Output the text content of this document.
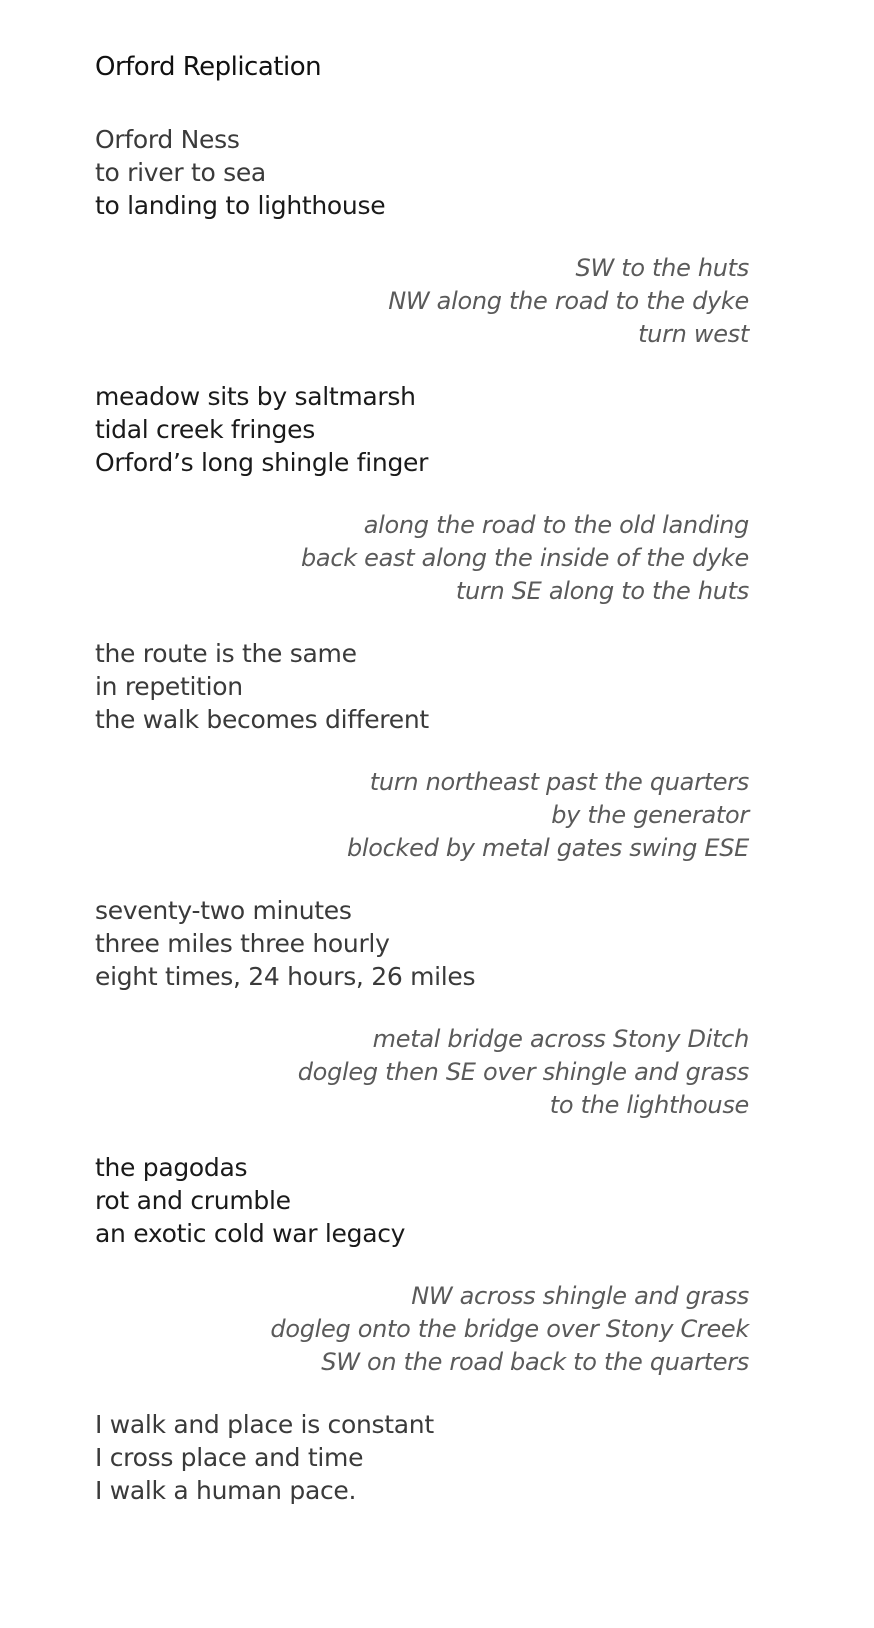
Orford Replication
Orford Ness
to river to sea
to landing to lighthouse
SW to the huts
NW along the road to the dyke
turn west
meadow sits by saltmarsh
tidal creek fringes
Orford’s long shingle finger
along the road to the old landing
back east along the inside of the dyke
turn SE along to the huts
the route is the same
in repetition
the walk becomes different
turn northeast past the quarters
by the generator
blocked by metal gates swing ESE
seventy-two minutes
three miles three hourly
eight times, 24 hours, 26 miles
metal bridge across Stony Ditch
dogleg then SE over shingle and grass
to the lighthouse
the pagodas
rot and crumble
an exotic cold war legacy
NW across shingle and grass
dogleg onto the bridge over Stony Creek
SW on the road back to the quarters
I walk and place is constant
I cross place and time
I walk a human pace.
